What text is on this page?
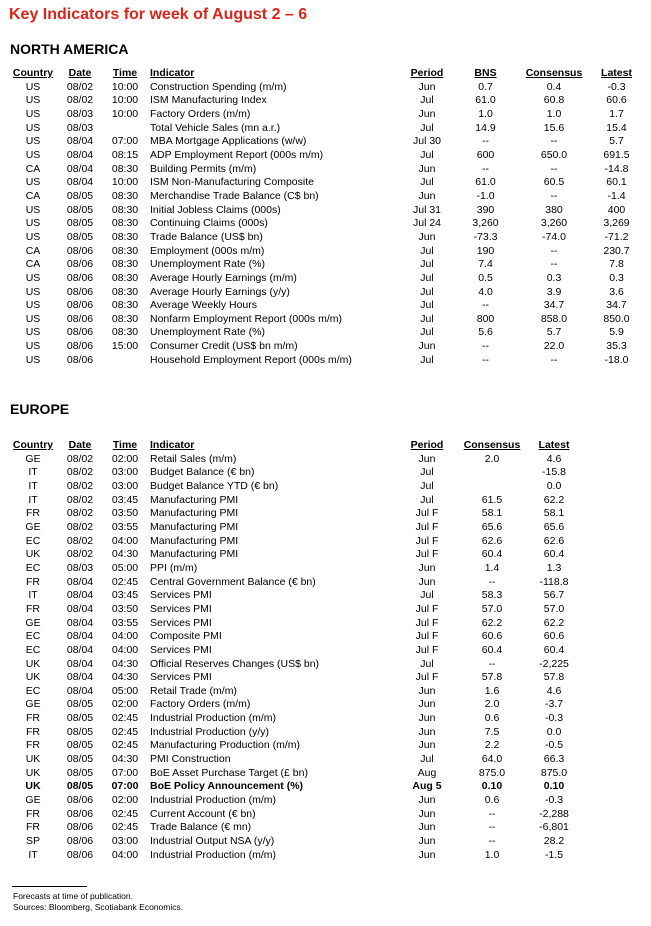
Key Indicators for week of August 2 – 6
NORTH AMERICA
Country	Date	Time	Indicator	Period	BNS	Consensus	Latest
US	08/02	10:00	Construction Spending (m/m)	Jun	0.7	0.4	-0.3
US	08/02	10:00	ISM Manufacturing Index	Jul	61.0	60.8	60.6
US	08/03	10:00	Factory Orders (m/m)	Jun	1.0	1.0	1.7
US	08/03		Total Vehicle Sales (mn a.r.)	Jul	14.9	15.6	15.4
US	08/04	07:00	MBA Mortgage Applications (w/w)	Jul 30	--	--	5.7
US	08/04	08:15	ADP Employment Report (000s m/m)	Jul	600	650.0	691.5
CA	08/04	08:30	Building Permits (m/m)	Jun	--	--	-14.8
US	08/04	10:00	ISM Non-Manufacturing Composite	Jul	61.0	60.5	60.1
CA	08/05	08:30	Merchandise Trade Balance (C$ bn)	Jun	-1.0	--	-1.4
US	08/05	08:30	Initial Jobless Claims (000s)	Jul 31	390	380	400
US	08/05	08:30	Continuing Claims (000s)	Jul 24	3,260	3,260	3,269
US	08/05	08:30	Trade Balance (US$ bn)	Jun	-73.3	-74.0	-71.2
CA	08/06	08:30	Employment (000s m/m)	Jul	190	--	230.7
CA	08/06	08:30	Unemployment Rate (%)	Jul	7.4	--	7.8
US	08/06	08:30	Average Hourly Earnings (m/m)	Jul	0.5	0.3	0.3
US	08/06	08:30	Average Hourly Earnings (y/y)	Jul	4.0	3.9	3.6
US	08/06	08:30	Average Weekly Hours	Jul	--	34.7	34.7
US	08/06	08:30	Nonfarm Employment Report (000s m/m)	Jul	800	858.0	850.0
US	08/06	08:30	Unemployment Rate (%)	Jul	5.6	5.7	5.9
US	08/06	15:00	Consumer Credit (US$ bn m/m)	Jun	--	22.0	35.3
US	08/06		Household Employment Report (000s m/m)	Jul	--	--	-18.0
EUROPE
Country	Date	Time	Indicator	Period	Consensus	Latest
GE	08/02	02:00	Retail Sales (m/m)	Jun	2.0	4.6
IT	08/02	03:00	Budget Balance (€ bn)	Jul		-15.8
IT	08/02	03:00	Budget Balance YTD (€ bn)	Jul		0.0
IT	08/02	03:45	Manufacturing PMI	Jul	61.5	62.2
FR	08/02	03:50	Manufacturing PMI	Jul F	58.1	58.1
GE	08/02	03:55	Manufacturing PMI	Jul F	65.6	65.6
EC	08/02	04:00	Manufacturing PMI	Jul F	62.6	62.6
UK	08/02	04:30	Manufacturing PMI	Jul F	60.4	60.4
EC	08/03	05:00	PPI (m/m)	Jun	1.4	1.3
FR	08/04	02:45	Central Government Balance (€ bn)	Jun	--	-118.8
IT	08/04	03:45	Services PMI	Jul	58.3	56.7
FR	08/04	03:50	Services PMI	Jul F	57.0	57.0
GE	08/04	03:55	Services PMI	Jul F	62.2	62.2
EC	08/04	04:00	Composite PMI	Jul F	60.6	60.6
EC	08/04	04:00	Services PMI	Jul F	60.4	60.4
UK	08/04	04:30	Official Reserves Changes (US$ bn)	Jul	--	-2,225
UK	08/04	04:30	Services PMI	Jul F	57.8	57.8
EC	08/04	05:00	Retail Trade (m/m)	Jun	1.6	4.6
GE	08/05	02:00	Factory Orders (m/m)	Jun	2.0	-3.7
FR	08/05	02:45	Industrial Production (m/m)	Jun	0.6	-0.3
FR	08/05	02:45	Industrial Production (y/y)	Jun	7.5	0.0
FR	08/05	02:45	Manufacturing Production (m/m)	Jun	2.2	-0.5
UK	08/05	04:30	PMI Construction	Jul	64.0	66.3
UK	08/05	07:00	BoE Asset Purchase Target (£ bn)	Aug	875.0	875.0
UK	08/05	07:00	BoE Policy Announcement (%)	Aug 5	0.10	0.10
GE	08/06	02:00	Industrial Production (m/m)	Jun	0.6	-0.3
FR	08/06	02:45	Current Account (€ bn)	Jun	--	-2,288
FR	08/06	02:45	Trade Balance (€ mn)	Jun	--	-6,801
SP	08/06	03:00	Industrial Output NSA (y/y)	Jun	--	28.2
IT	08/06	04:00	Industrial Production (m/m)	Jun	1.0	-1.5
Forecasts at time of publication.
Sources: Bloomberg, Scotiabank Economics.
